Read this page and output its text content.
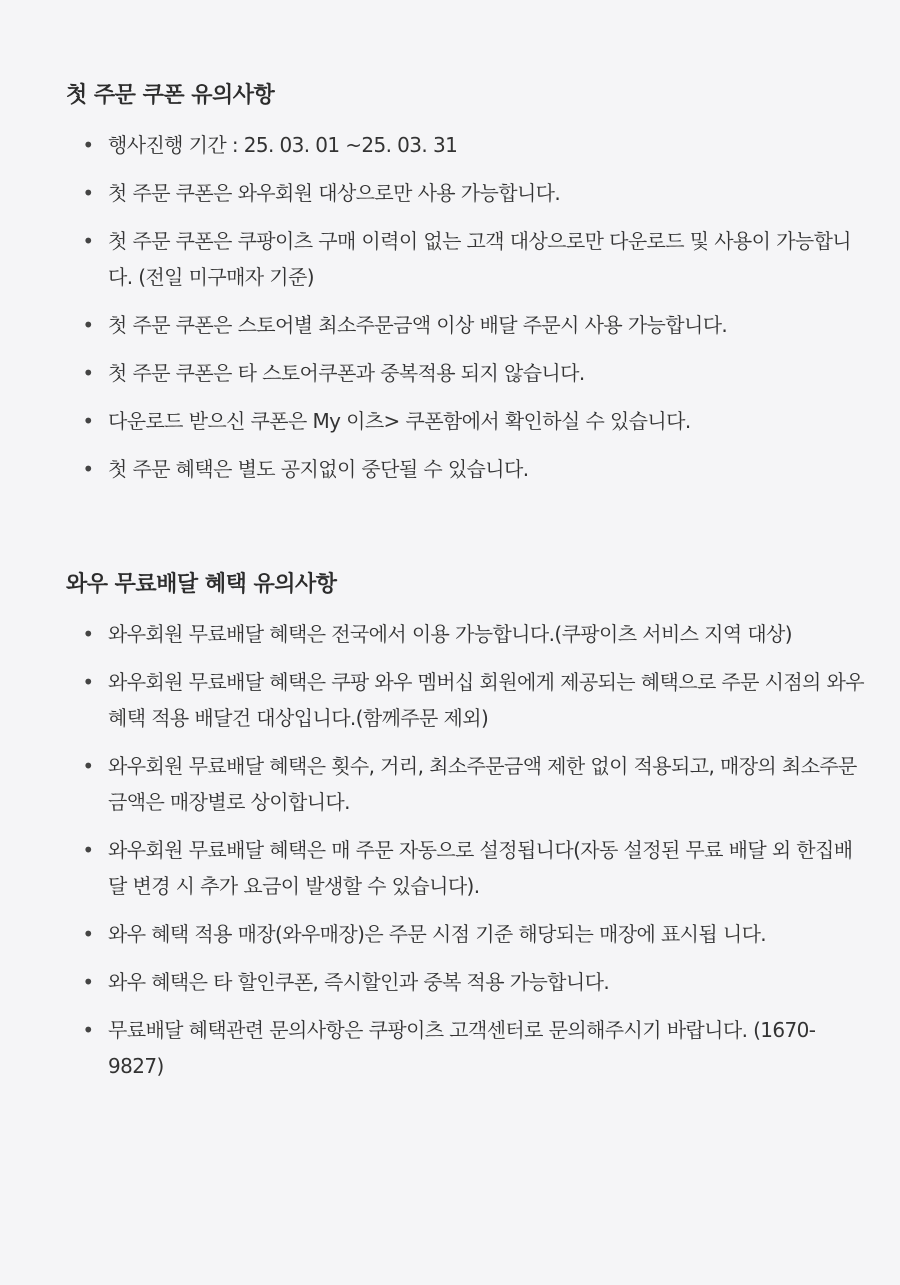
첫 주문 쿠폰 유의사항
• 행사진행 기간 : 25. 03. 01 ~25. 03. 31
• 첫 주문 쿠폰은 와우회원 대상으로만 사용 가능합니다.
• 첫 주문 쿠폰은 쿠팡이츠 구매 이력이 없는 고객 대상으로만 다운로드 및 사용이 가능합니다. (전일 미구매자 기준)
• 첫 주문 쿠폰은 스토어별 최소주문금액 이상 배달 주문시 사용 가능합니다.
• 첫 주문 쿠폰은 타 스토어쿠폰과 중복적용 되지 않습니다.
• 다운로드 받으신 쿠폰은 My 이츠> 쿠폰함에서 확인하실 수 있습니다.
• 첫 주문 혜택은 별도 공지없이 중단될 수 있습니다.
와우 무료배달 혜택 유의사항
• 와우회원 무료배달 혜택은 전국에서 이용 가능합니다.(쿠팡이츠 서비스 지역 대상)
• 와우회원 무료배달 혜택은 쿠팡 와우 멤버십 회원에게 제공되는 혜택으로 주문 시점의 와우 혜택 적용 배달건 대상입니다.(함께주문 제외)
• 와우회원 무료배달 혜택은 횟수, 거리, 최소주문금액 제한 없이 적용되고, 매장의 최소주문금액은 매장별로 상이합니다.
• 와우회원 무료배달 혜택은 매 주문 자동으로 설정됩니다(자동 설정된 무료 배달 외 한집배달 변경 시 추가 요금이 발생할 수 있습니다).
• 와우 혜택 적용 매장(와우매장)은 주문 시점 기준 해당되는 매장에 표시됩 니다.
• 와우 혜택은 타 할인쿠폰, 즉시할인과 중복 적용 가능합니다.
• 무료배달 혜택관련 문의사항은 쿠팡이츠 고객센터로 문의해주시기 바랍니다. (1670-9827)
